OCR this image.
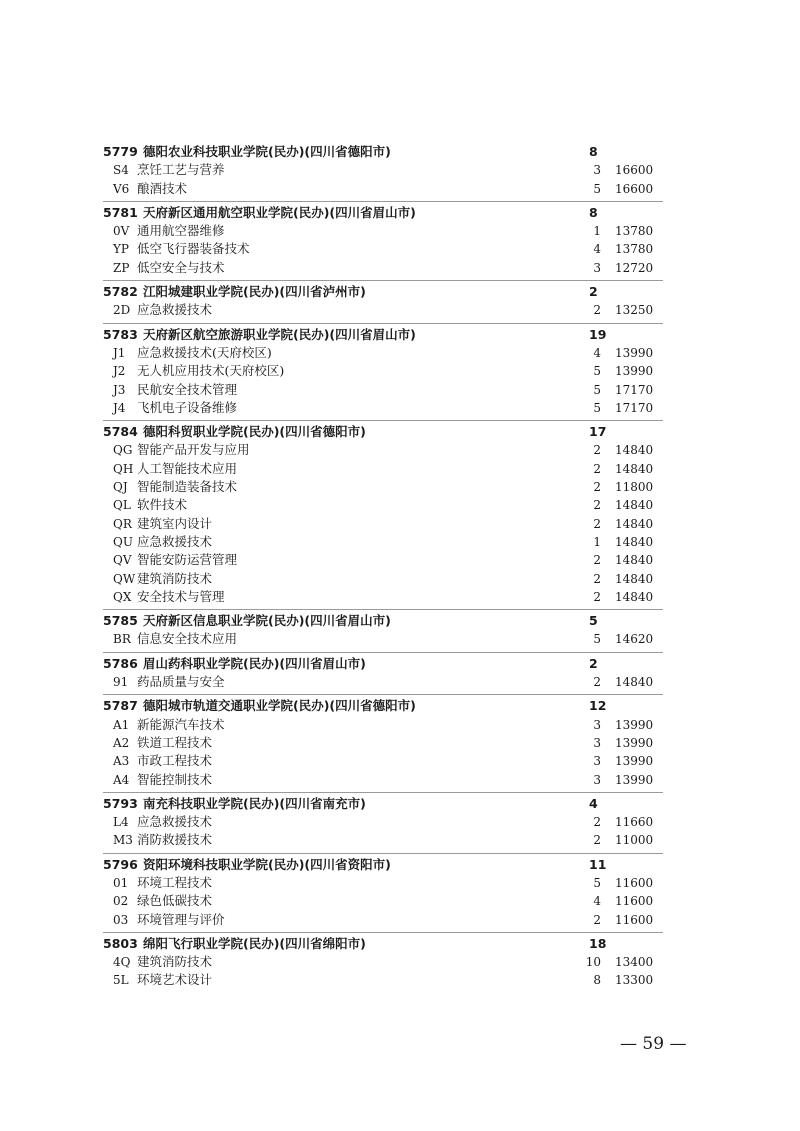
5779 德阳农业科技职业学院(民办)(四川省德阳市)	8
S4 烹饪工艺与营养	3 16600
V6 酿酒技术	5 16600
5781 天府新区通用航空职业学院(民办)(四川省眉山市)	8
0V 通用航空器维修	1 13780
YP 低空飞行器装备技术	4 13780
ZP 低空安全与技术	3 12720
5782 江阳城建职业学院(民办)(四川省泸州市)	2
2D 应急救援技术	2 13250
5783 天府新区航空旅游职业学院(民办)(四川省眉山市)	19
J1 应急救援技术(天府校区)	4 13990
J2 无人机应用技术(天府校区)	5 13990
J3 民航安全技术管理	5 17170
J4 飞机电子设备维修	5 17170
5784 德阳科贸职业学院(民办)(四川省德阳市)	17
QG 智能产品开发与应用	2 14840
QH 人工智能技术应用	2 14840
QJ 智能制造装备技术	2 11800
QL 软件技术	2 14840
QR 建筑室内设计	2 14840
QU 应急救援技术	1 14840
QV 智能安防运营管理	2 14840
QW 建筑消防技术	2 14840
QX 安全技术与管理	2 14840
5785 天府新区信息职业学院(民办)(四川省眉山市)	5
BR 信息安全技术应用	5 14620
5786 眉山药科职业学院(民办)(四川省眉山市)	2
91 药品质量与安全	2 14840
5787 德阳城市轨道交通职业学院(民办)(四川省德阳市)	12
A1 新能源汽车技术	3 13990
A2 铁道工程技术	3 13990
A3 市政工程技术	3 13990
A4 智能控制技术	3 13990
5793 南充科技职业学院(民办)(四川省南充市)	4
L4 应急救援技术	2 11660
M3 消防救援技术	2 11000
5796 资阳环境科技职业学院(民办)(四川省资阳市)	11
01 环境工程技术	5 11600
02 绿色低碳技术	4 11600
03 环境管理与评价	2 11600
5803 绵阳飞行职业学院(民办)(四川省绵阳市)	18
4Q 建筑消防技术	10 13400
5L 环境艺术设计	8 13300
— 59 —
